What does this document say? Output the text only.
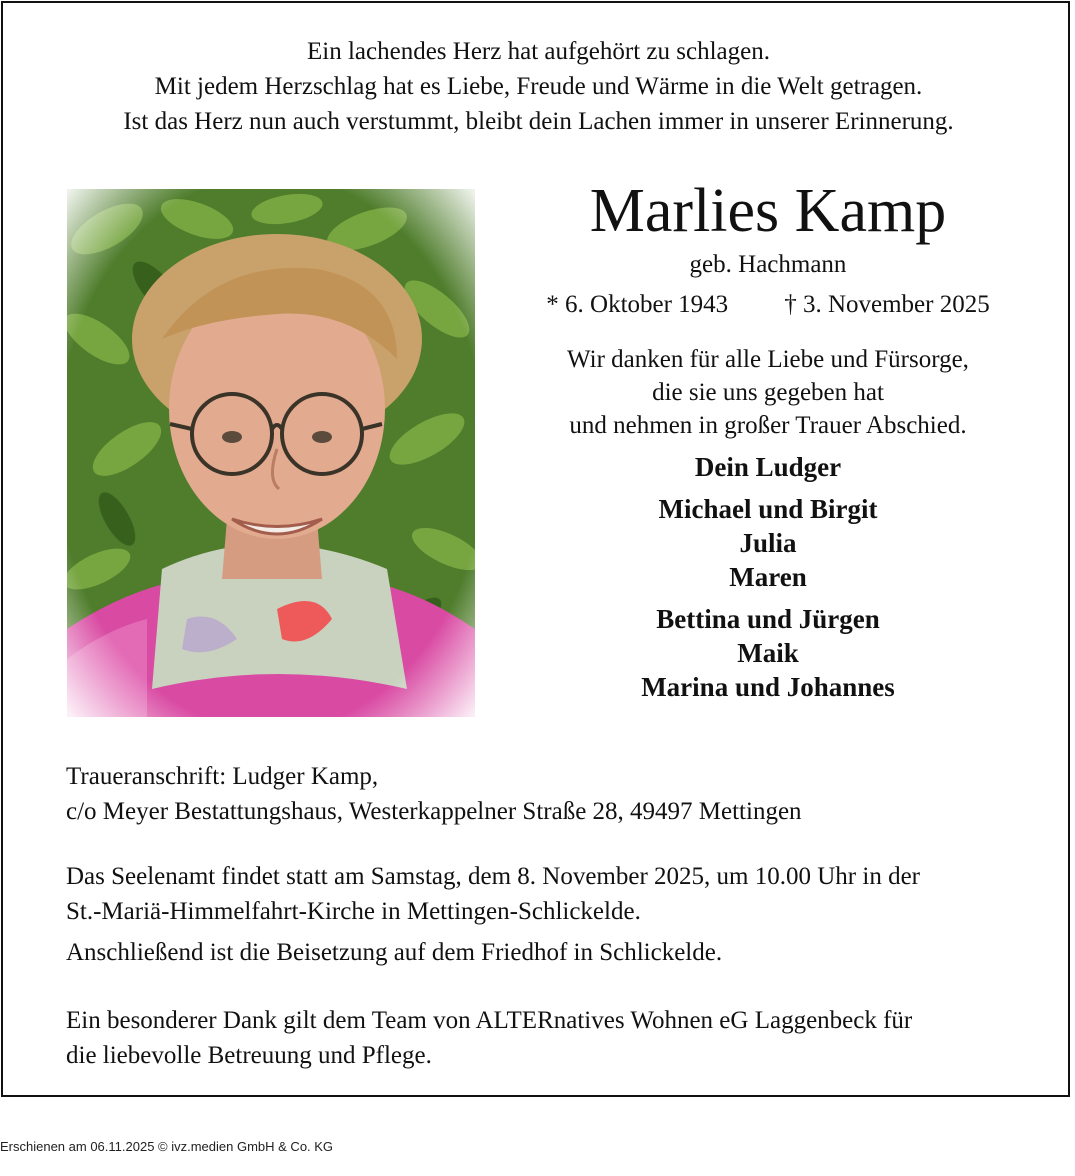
Ein lachendes Herz hat aufgehört zu schlagen.
Mit jedem Herzschlag hat es Liebe, Freude und Wärme in die Welt getragen.
Ist das Herz nun auch verstummt, bleibt dein Lachen immer in unserer Erinnerung.
Marlies Kamp
geb. Hachmann
* 6. Oktober 1943 † 3. November 2025
Wir danken für alle Liebe und Fürsorge,
die sie uns gegeben hat
und nehmen in großer Trauer Abschied.
Dein Ludger
Michael und Birgit
Julia
Maren
Bettina und Jürgen
Maik
Marina und Johannes
Traueranschrift: Ludger Kamp,
c/o Meyer Bestattungshaus, Westerkappelner Straße 28, 49497 Mettingen
Das Seelenamt findet statt am Samstag, dem 8. November 2025, um 10.00 Uhr in der
St.-Mariä-Himmelfahrt-Kirche in Mettingen-Schlickelde.
Anschließend ist die Beisetzung auf dem Friedhof in Schlickelde.
Ein besonderer Dank gilt dem Team von ALTERnatives Wohnen eG Laggenbeck für
die liebevolle Betreuung und Pflege.
Erschienen am 06.11.2025 © ivz.medien GmbH & Co. KG
